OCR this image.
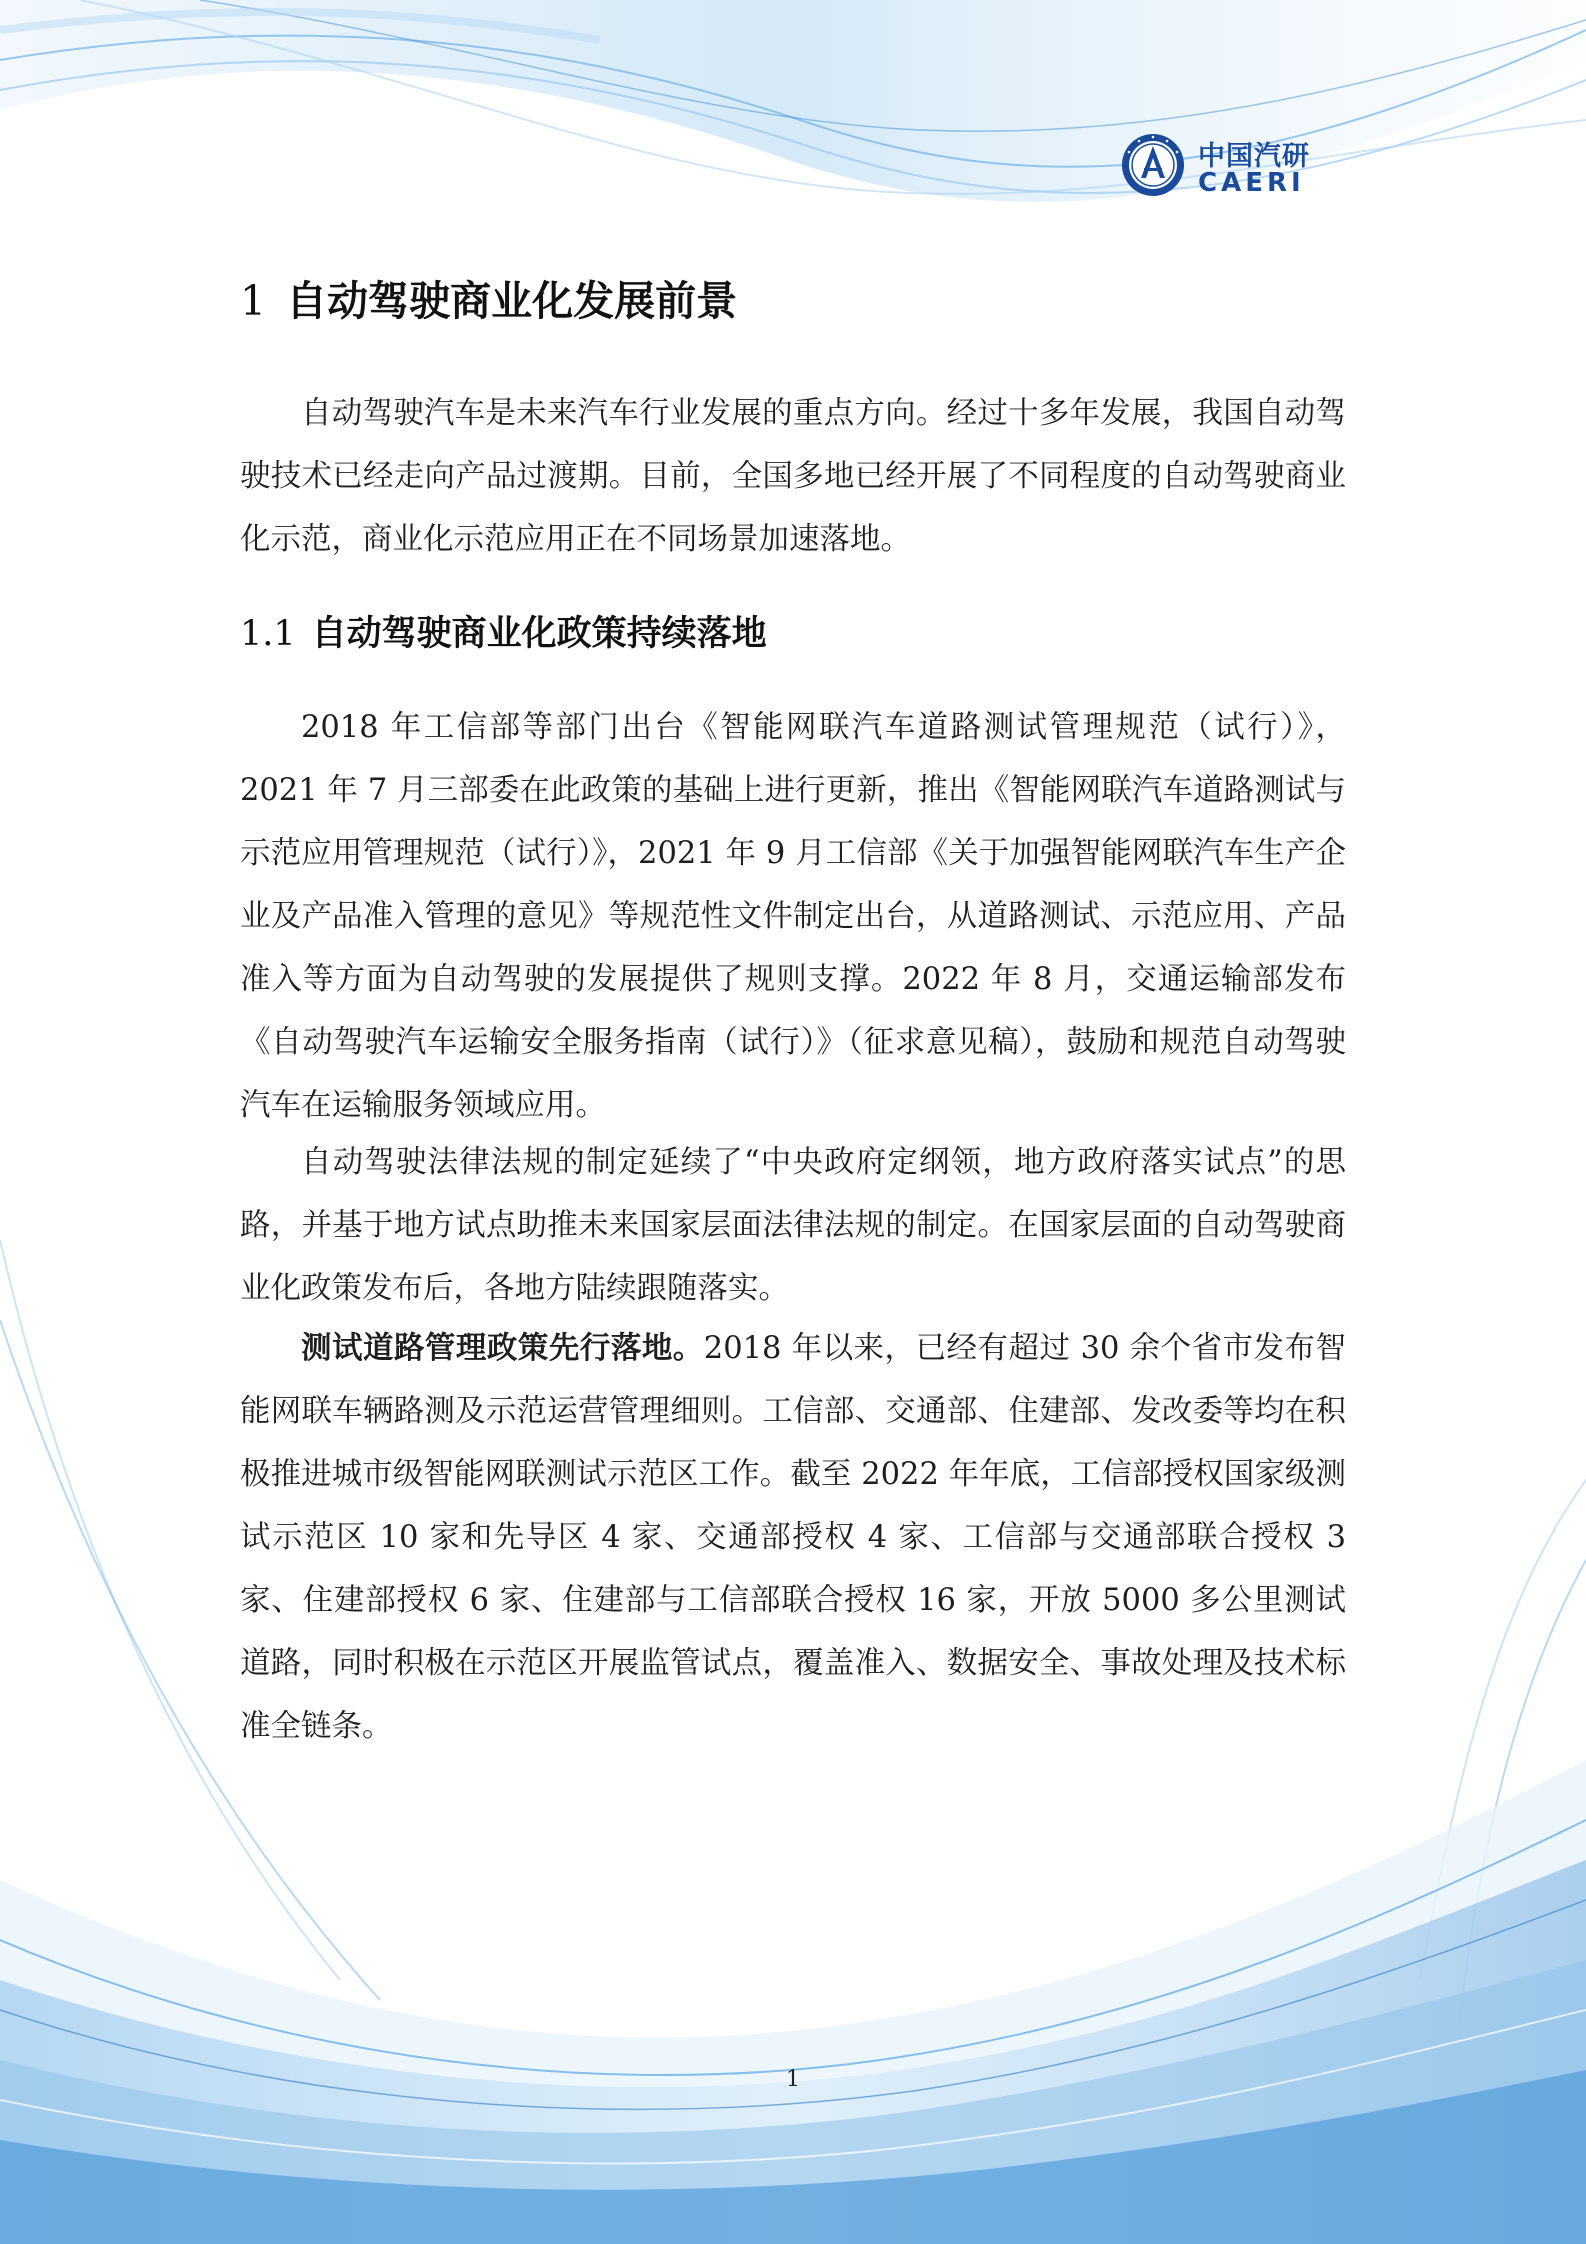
中国汽研
CAERI
1 自动驾驶商业化发展前景

自动驾驶汽车是未来汽车行业发展的重点方向。经过十多年发展，我国自动驾驶技术已经走向产品过渡期。目前，全国多地已经开展了不同程度的自动驾驶商业化示范，商业化示范应用正在不同场景加速落地。

1.1 自动驾驶商业化政策持续落地

2018 年工信部等部门出台《智能网联汽车道路测试管理规范（试行）》，2021 年 7 月三部委在此政策的基础上进行更新，推出《智能网联汽车道路测试与示范应用管理规范（试行）》，2021 年 9 月工信部《关于加强智能网联汽车生产企业及产品准入管理的意见》等规范性文件制定出台，从道路测试、示范应用、产品准入等方面为自动驾驶的发展提供了规则支撑。2022 年 8 月，交通运输部发布《自动驾驶汽车运输安全服务指南（试行）》（征求意见稿），鼓励和规范自动驾驶汽车在运输服务领域应用。

自动驾驶法律法规的制定延续了“中央政府定纲领，地方政府落实试点”的思路，并基于地方试点助推未来国家层面法律法规的制定。在国家层面的自动驾驶商业化政策发布后，各地方陆续跟随落实。

测试道路管理政策先行落地。2018 年以来，已经有超过 30 余个省市发布智能网联车辆路测及示范运营管理细则。工信部、交通部、住建部、发改委等均在积极推进城市级智能网联测试示范区工作。截至 2022 年年底，工信部授权国家级测试示范区 10 家和先导区 4 家、交通部授权 4 家、工信部与交通部联合授权 3 家、住建部授权 6 家、住建部与工信部联合授权 16 家，开放 5000 多公里测试道路，同时积极在示范区开展监管试点，覆盖准入、数据安全、事故处理及技术标准全链条。

1
